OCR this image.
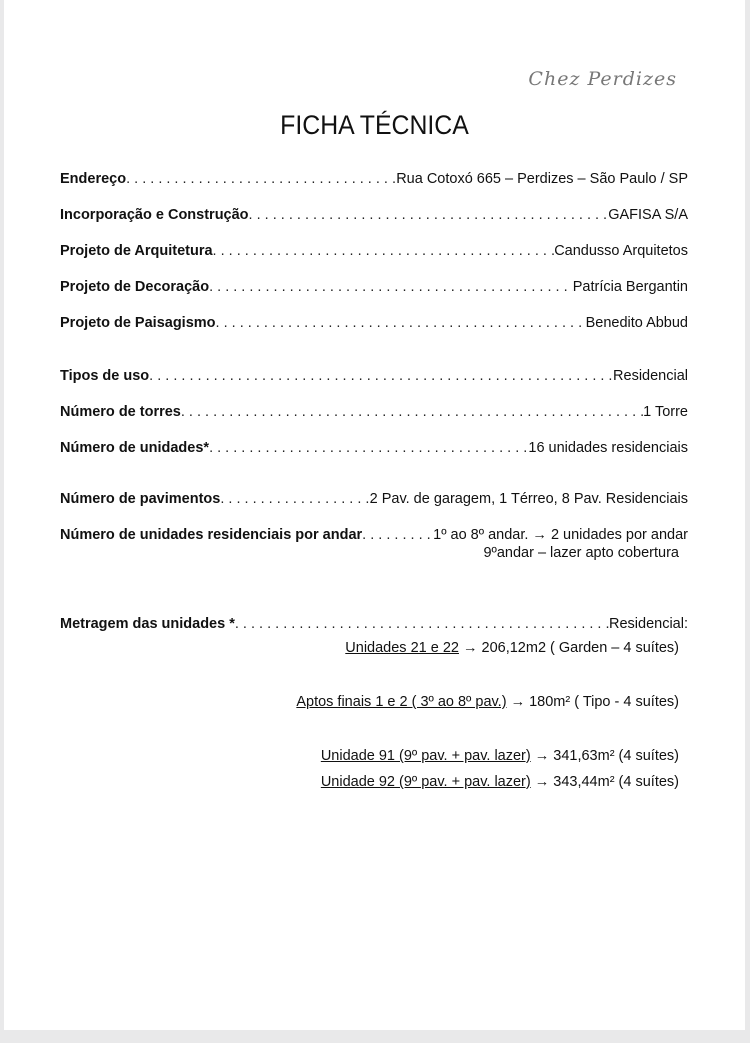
Chez Perdizes
FICHA TÉCNICA
Endereço . . .	Rua Cotoxó 665 – Perdizes – São Paulo / SP
Incorporação e Construção . . .	GAFISA S/A
Projeto de Arquitetura . . .	Candusso Arquitetos
Projeto de Decoração . . .	Patrícia Bergantin
Projeto de Paisagismo . . .	Benedito Abbud
Tipos de uso . . .	Residencial
Número de torres . . .	1 Torre
Número de unidades* . . .	16 unidades residenciais
Número de pavimentos . . .	2 Pav. de garagem, 1 Térreo, 8 Pav. Residenciais
Número de unidades residenciais por andar . . .	1º ao 8º andar. → 2 unidades por andar
9ºandar – lazer apto cobertura
Metragem das unidades * . . .	Residencial:
Unidades 21 e 22 → 206,12m2 ( Garden – 4 suítes)
Aptos finais 1 e 2 ( 3º ao 8º pav.) → 180m² ( Tipo - 4 suítes)
Unidade 91 (9º pav. + pav. lazer) → 341,63m² (4 suítes)
Unidade 92 (9º pav. + pav. lazer) → 343,44m² (4 suítes)
